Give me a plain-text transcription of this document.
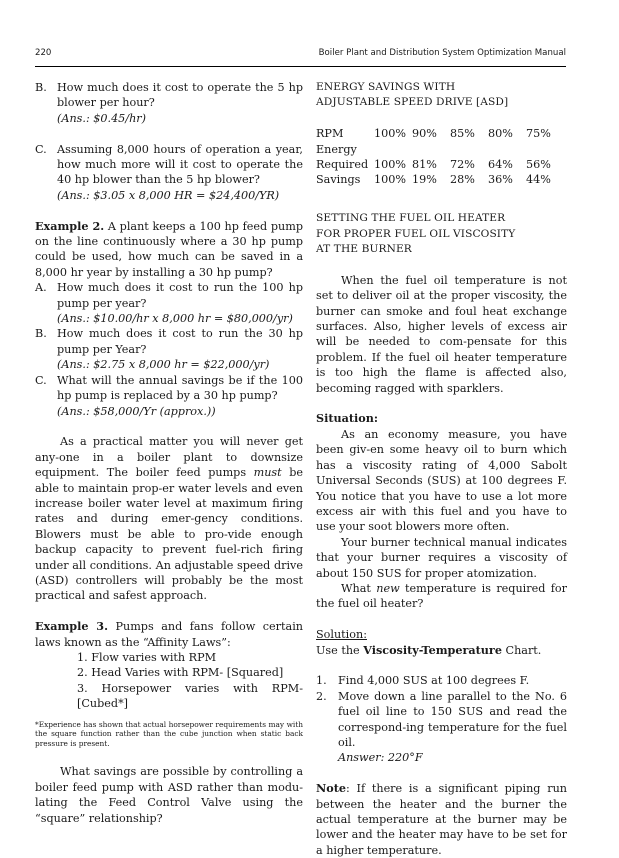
220	Boiler Plant and Distribution System Optimization Manual
B. How much does it cost to operate the 5 hp blower per hour?

(Ans.: $0.45/hr)

C. Assuming 8,000 hours of operation a year, how much more will it cost to operate the 40 hp blower than the 5 hp blower?

(Ans.: $3.05 x 8,000 HR = $24,400/YR)

Example 2. A plant keeps a 100 hp feed pump on the line continuously where a 30 hp pump could be used, how much can be saved in a 8,000 hr year by installing a 30 hp pump?

A. How much does it cost to run the 100 hp pump per year?

(Ans.: $10.00/hr x 8,000 hr = $80,000/yr)

B. How much does it cost to run the 30 hp pump per Year?

(Ans.: $2.75 x 8,000 hr = $22,000/yr)

C. What will the annual savings be if the 100 hp pump is replaced by a 30 hp pump?

(Ans.: $58,000/Yr (approx.))

As a practical matter you will never get any-one in a boiler plant to downsize equipment. The boiler feed pumps must be able to maintain prop-er water levels and even increase boiler water level at maximum firing rates and during emer-gency conditions. Blowers must be able to pro-vide enough backup capacity to prevent fuel-rich firing under all conditions. An adjustable speed drive (ASD) controllers will probably be the most practical and safest approach.

Example 3. Pumps and fans follow certain laws known as the “Affinity Laws”:

1. Flow varies with RPM

2. Head Varies with RPM- [Squared]

3. Horsepower varies with RPM- [Cubed*]

*Experience has shown that actual horsepower requirements may with the square function rather than the cube junction when static back pressure is present.

What savings are possible by controlling a boiler feed pump with ASD rather than modu-lating the Feed Control Valve using the “square” relationship?

ENERGY SAVINGS WITH

ADJUSTABLE SPEED DRIVE [ASD]

RPM	100%	90%	85%	80%	75%
Energy					
Required	100%	81%	72%	64%	56%
Savings	100%	19%	28%	36%	44%

SETTING THE FUEL OIL HEATER

FOR PROPER FUEL OIL VISCOSITY

AT THE BURNER

When the fuel oil temperature is not set to deliver oil at the proper viscosity, the burner can smoke and foul heat exchange surfaces. Also, higher levels of excess air will be needed to com-pensate for this problem. If the fuel oil heater temperature is too high the flame is affected also, becoming ragged with sparklers.

Situation:

As an economy measure, you have been giv-en some heavy oil to burn which has a viscosity rating of 4,000 Sabolt Universal Seconds (SUS) at 100 degrees F. You notice that you have to use a lot more excess air with this fuel and you have to use your soot blowers more often.

Your burner technical manual indicates that your burner requires a viscosity of about 150 SUS for proper atomization.

What new temperature is required for the fuel oil heater?

Solution:

Use the Viscosity-Temperature Chart.

1.	Find 4,000 SUS at 100 degrees F.

2.	Move down a line parallel to the No. 6 fuel oil line to 150 SUS and read the correspond-ing temperature for the fuel oil.

Answer: 220°F

Note: If there is a significant piping run between the heater and the burner the actual temperature at the burner may be lower and the heater may have to be set for a higher temperature.
